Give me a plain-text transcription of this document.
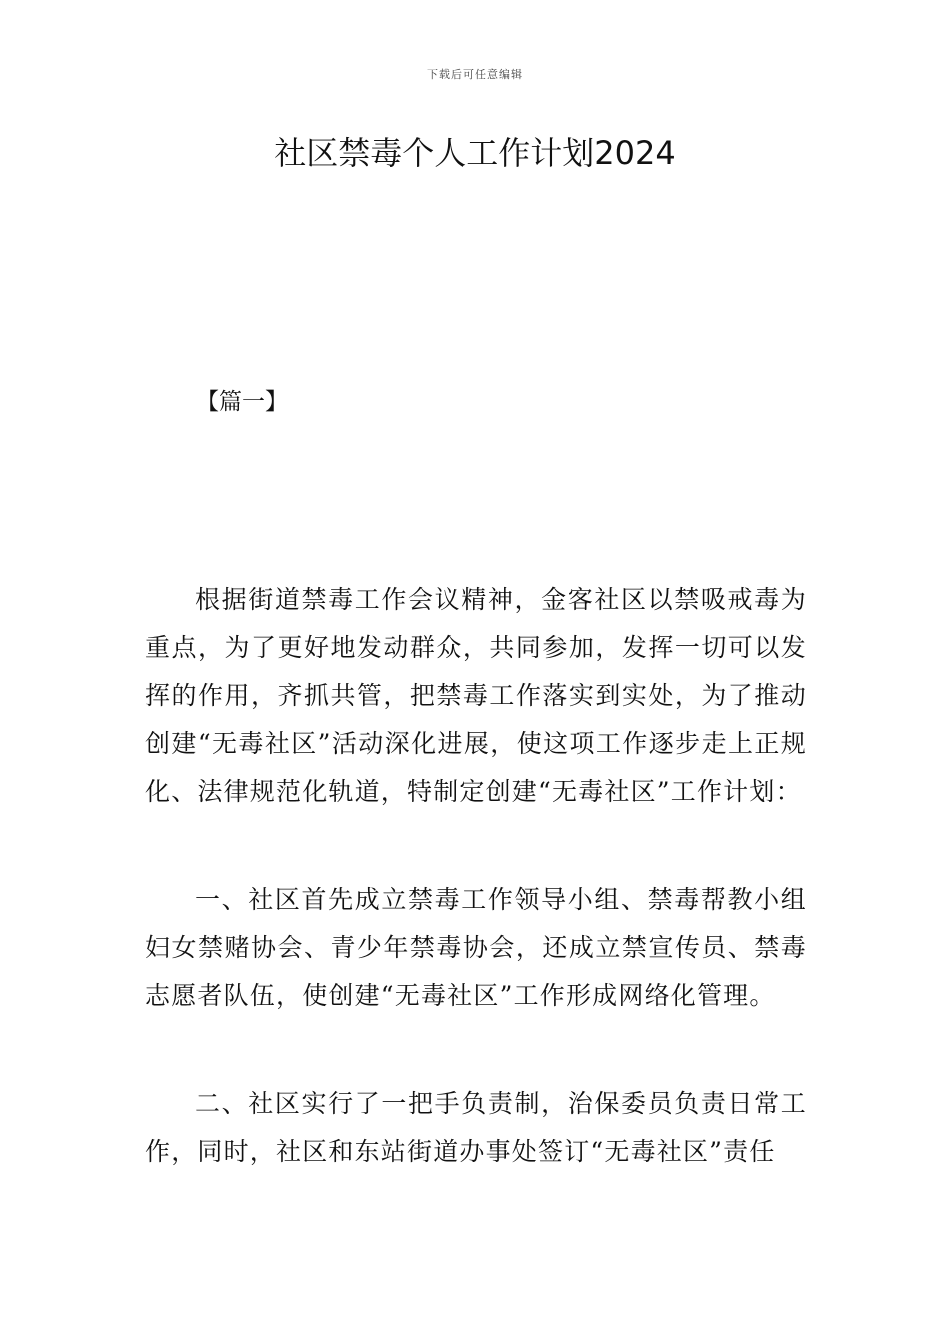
下载后可任意编辑
社区禁毒个人工作计划2024
【篇一】

根据街道禁毒工作会议精神，金客社区以禁吸戒毒为重点，为了更好地发动群众，共同参加，发挥一切可以发挥的作用，齐抓共管，把禁毒工作落实到实处，为了推动创建“无毒社区”活动深化进展，使这项工作逐步走上正规化、法律规范化轨道，特制定创建“无毒社区”工作计划：

一、社区首先成立禁毒工作领导小组、禁毒帮教小组妇女禁赌协会、青少年禁毒协会，还成立禁宣传员、禁毒志愿者队伍，使创建“无毒社区”工作形成网络化管理。

二、社区实行了一把手负责制，治保委员负责日常工作，同时，社区和东站街道办事处签订“无毒社区”责任
